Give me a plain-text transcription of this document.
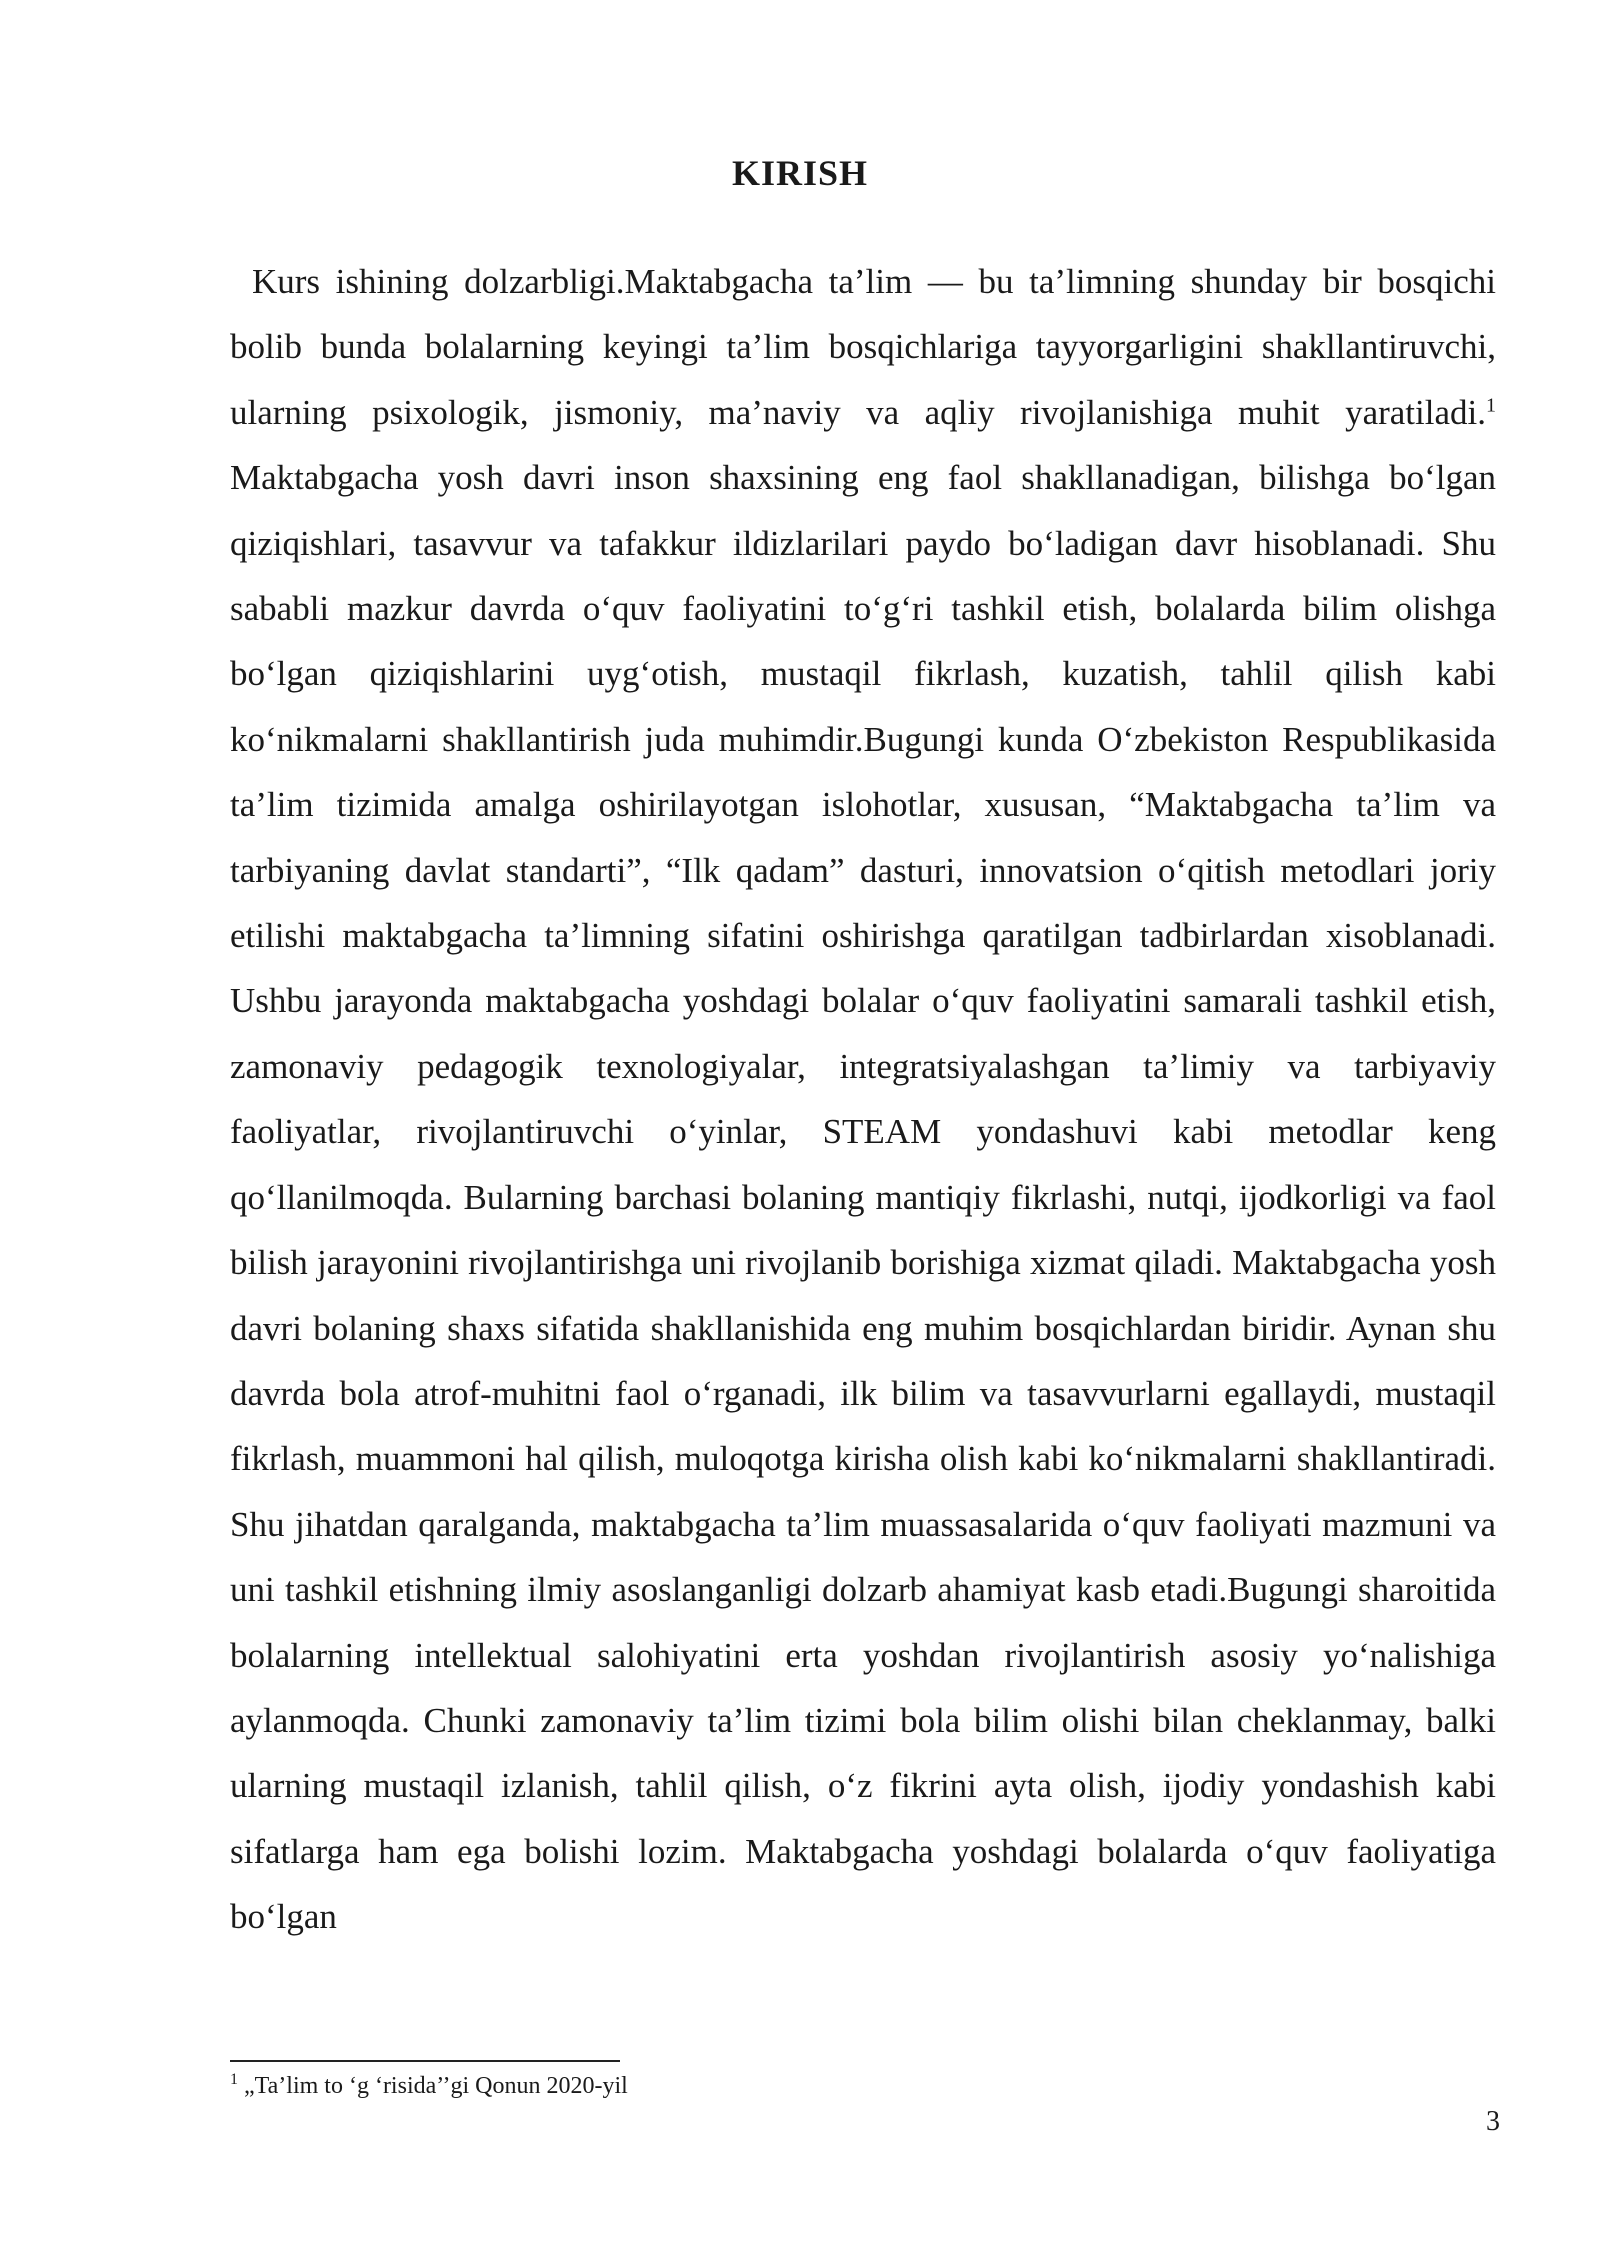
KIRISH

Kurs ishining dolzarbligi.Maktabgacha ta’lim — bu ta’limning shunday bir bosqichi bolib bunda bolalarning keyingi ta’lim bosqichlariga tayyorgarligini shakllantiruvchi, ularning psixologik, jismoniy, ma’naviy va aqliy rivojlanishiga muhit yaratiladi.$^1$ Maktabgacha yosh davri inson shaxsining eng faol shakllanadigan, bilishga bo‘lgan qiziqishlari, tasavvur va tafakkur ildizlarilari paydo bo‘ladigan davr hisoblanadi. Shu sababli mazkur davrda o‘quv faoliyatini to‘g‘ri tashkil etish, bolalarda bilim olishga bo‘lgan qiziqishlarini uyg‘otish, mustaqil fikrlash, kuzatish, tahlil qilish kabi ko‘nikmalarni shakllantirish juda muhimdir.Bugungi kunda O‘zbekiston Respublikasida ta’lim tizimida amalga oshirilayotgan islohotlar, xususan, “Maktabgacha ta’lim va tarbiyaning davlat standarti”, “Ilk qadam” dasturi, innovatsion o‘qitish metodlari joriy etilishi maktabgacha ta’limning sifatini oshirishga qaratilgan tadbirlardan xisoblanadi. Ushbu jarayonda maktabgacha yoshdagi bolalar o‘quv faoliyatini samarali tashkil etish, zamonaviy pedagogik texnologiyalar, integratsiyalashgan ta’limiy va tarbiyaviy faoliyatlar, rivojlantiruvchi o‘yinlar, STEAM yondashuvi kabi metodlar keng qo‘llanilmoqda. Bularning barchasi bolaning mantiqiy fikrlashi, nutqi, ijodkorligi va faol bilish jarayonini rivojlantirishga uni rivojlanib borishiga xizmat qiladi. Maktabgacha yosh davri bolaning shaxs sifatida shakllanishida eng muhim bosqichlardan biridir. Aynan shu davrda bola atrof-muhitni faol o‘rganadi, ilk bilim va tasavvurlarni egallaydi, mustaqil fikrlash, muammoni hal qilish, muloqotga kirisha olish kabi ko‘nikmalarni shakllantiradi. Shu jihatdan qaralganda, maktabgacha ta’lim muassasalarida o‘quv faoliyati mazmuni va uni tashkil etishning ilmiy asoslanganligi dolzarb ahamiyat kasb etadi.Bugungi sharoitida bolalarning intellektual salohiyatini erta yoshdan rivojlantirish asosiy yo‘nalishiga aylanmoqda. Chunki zamonaviy ta’lim tizimi bola bilim olishi bilan cheklanmay, balki ularning mustaqil izlanish, tahlil qilish, o‘z fikrini ayta olish, ijodiy yondashish kabi sifatlarga ham ega bolishi lozim. Maktabgacha yoshdagi bolalarda o‘quv faoliyatiga bo‘lgan

$^1$ „Ta’lim to ‘g ‘risida’’gi Qonun 2020-yil

3
